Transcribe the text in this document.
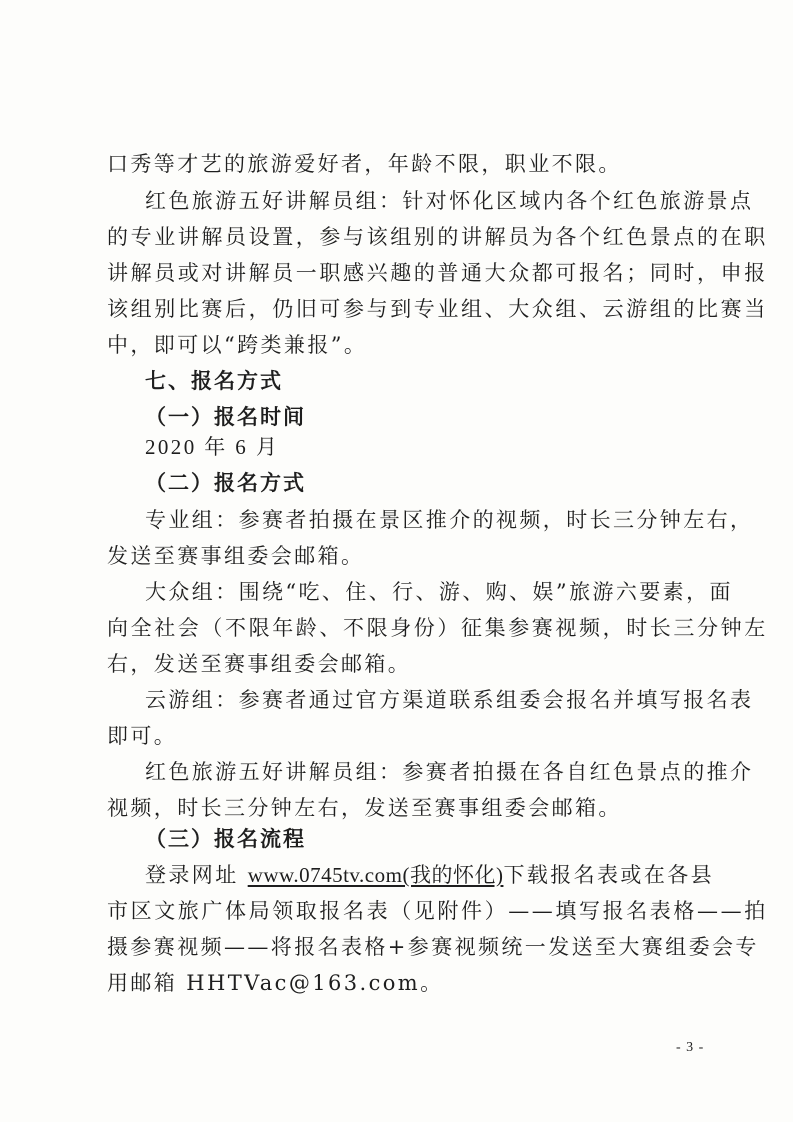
口秀等才艺的旅游爱好者，年龄不限，职业不限。
红色旅游五好讲解员组：针对怀化区域内各个红色旅游景点
的专业讲解员设置，参与该组别的讲解员为各个红色景点的在职
讲解员或对讲解员一职感兴趣的普通大众都可报名；同时，申报
该组别比赛后，仍旧可参与到专业组、大众组、云游组的比赛当
中，即可以“跨类兼报”。
七、报名方式
（一）报名时间
2020 年 6 月
（二）报名方式
专业组：参赛者拍摄在景区推介的视频，时长三分钟左右，
发送至赛事组委会邮箱。
大众组：围绕“吃、住、行、游、购、娱”旅游六要素，面
向全社会（不限年龄、不限身份）征集参赛视频，时长三分钟左
右，发送至赛事组委会邮箱。
云游组：参赛者通过官方渠道联系组委会报名并填写报名表
即可。
红色旅游五好讲解员组：参赛者拍摄在各自红色景点的推介
视频，时长三分钟左右，发送至赛事组委会邮箱。
（三）报名流程
登录网址 www.0745tv.com(我的怀化)下载报名表或在各县
市区文旅广体局领取报名表（见附件）——填写报名表格——拍
摄参赛视频——将报名表格+参赛视频统一发送至大赛组委会专
用邮箱 HHTVac@163.com。
- 3 -
